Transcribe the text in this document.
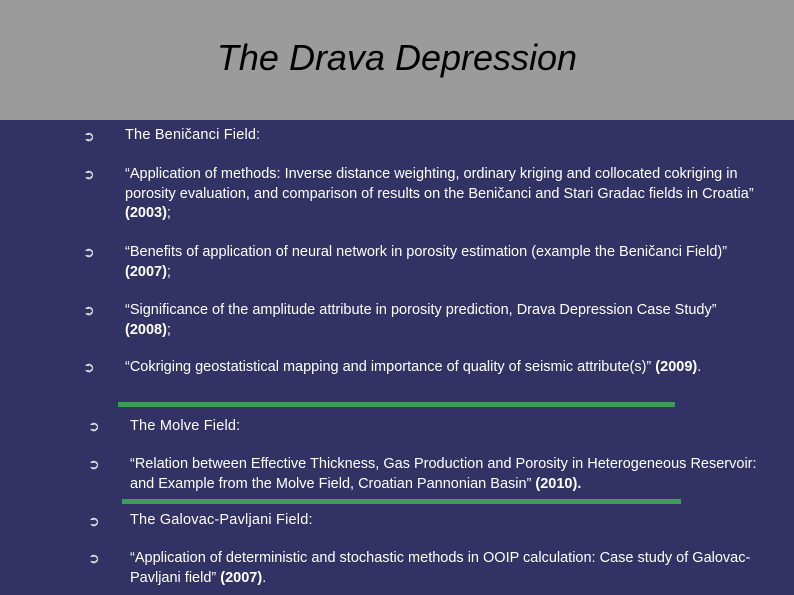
The Drava Depression
➲ The Beničanci Field:
➲ “Application of methods: Inverse distance weighting, ordinary kriging and collocated cokriging in porosity evaluation, and comparison of results on the Beničanci and Stari Gradac fields in Croatia” (2003);
➲ “Benefits of application of neural network in porosity estimation (example the Beničanci Field)” (2007);
➲ “Significance of the amplitude attribute in porosity prediction, Drava Depression Case Study” (2008);
➲ “Cokriging geostatistical mapping and importance of quality of seismic attribute(s)” (2009).
➲ The Molve Field:
➲ “Relation between Effective Thickness, Gas Production and Porosity in Heterogeneous Reservoir: and Example from the Molve Field, Croatian Pannonian Basin” (2010).
➲ The Galovac-Pavljani Field:
➲ “Application of deterministic and stochastic methods in OOIP calculation: Case study of Galovac-Pavljani field” (2007).
